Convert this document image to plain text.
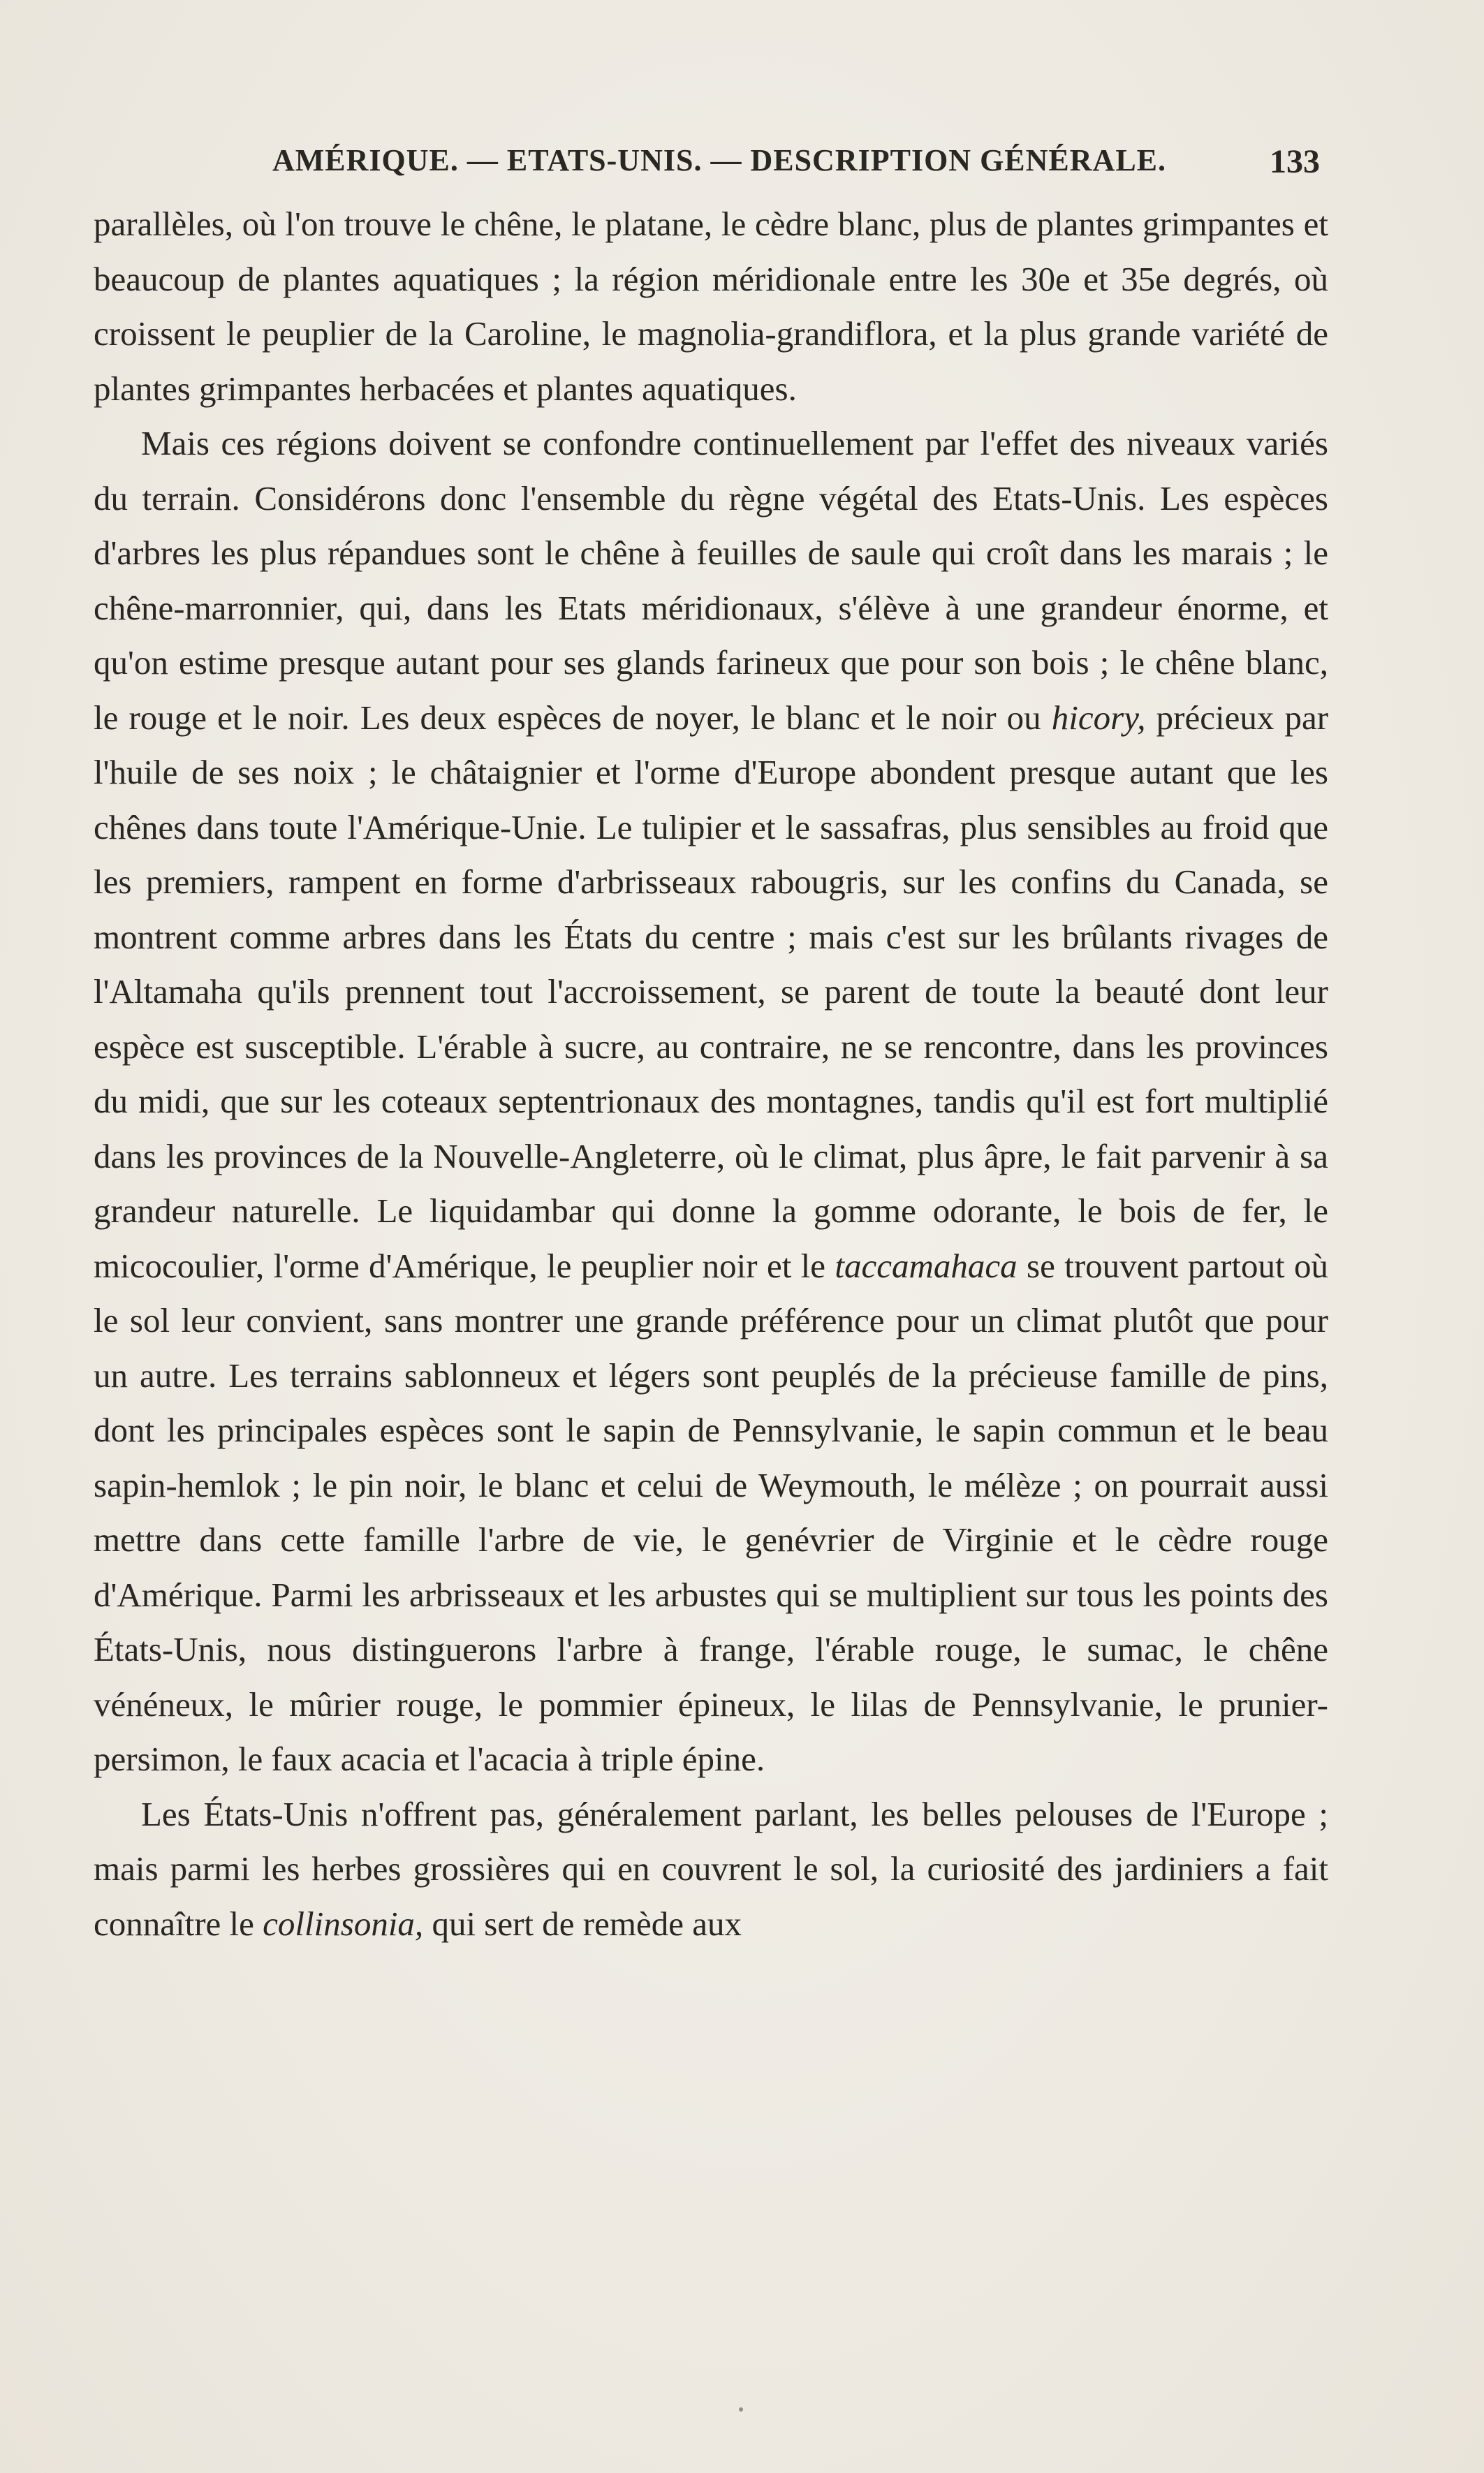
AMÉRIQUE. — ETATS-UNIS. — DESCRIPTION GÉNÉRALE.	133

parallèles, où l'on trouve le chêne, le platane, le cèdre blanc, plus de plantes grimpantes et beaucoup de plantes aquatiques ; la région méridionale entre les 30e et 35e degrés, où croissent le peuplier de la Caroline, le magnolia-grandiflora, et la plus grande variété de plantes grimpantes herbacées et plantes aquatiques.

Mais ces régions doivent se confondre continuellement par l'effet des niveaux variés du terrain. Considérons donc l'ensemble du règne végétal des Etats-Unis. Les espèces d'arbres les plus répandues sont le chêne à feuilles de saule qui croît dans les marais ; le chêne-marronnier, qui, dans les Etats méridionaux, s'élève à une grandeur énorme, et qu'on estime presque autant pour ses glands farineux que pour son bois ; le chêne blanc, le rouge et le noir. Les deux espèces de noyer, le blanc et le noir ou hicory, précieux par l'huile de ses noix ; le châtaignier et l'orme d'Europe abondent presque autant que les chênes dans toute l'Amérique-Unie. Le tulipier et le sassafras, plus sensibles au froid que les premiers, rampent en forme d'arbrisseaux rabougris, sur les confins du Canada, se montrent comme arbres dans les États du centre ; mais c'est sur les brûlants rivages de l'Altamaha qu'ils prennent tout l'accroissement, se parent de toute la beauté dont leur espèce est susceptible. L'érable à sucre, au contraire, ne se rencontre, dans les provinces du midi, que sur les coteaux septentrionaux des montagnes, tandis qu'il est fort multiplié dans les provinces de la Nouvelle-Angleterre, où le climat, plus âpre, le fait parvenir à sa grandeur naturelle. Le liquidambar qui donne la gomme odorante, le bois de fer, le micocoulier, l'orme d'Amérique, le peuplier noir et le taccamahaca se trouvent partout où le sol leur convient, sans montrer une grande préférence pour un climat plutôt que pour un autre. Les terrains sablonneux et légers sont peuplés de la précieuse famille de pins, dont les principales espèces sont le sapin de Pennsylvanie, le sapin commun et le beau sapin-hemlok ; le pin noir, le blanc et celui de Weymouth, le mélèze ; on pourrait aussi mettre dans cette famille l'arbre de vie, le genévrier de Virginie et le cèdre rouge d'Amérique. Parmi les arbrisseaux et les arbustes qui se multiplient sur tous les points des États-Unis, nous distinguerons l'arbre à frange, l'érable rouge, le sumac, le chêne vénéneux, le mûrier rouge, le pommier épineux, le lilas de Pennsylvanie, le prunier-persimon, le faux acacia et l'acacia à triple épine.

Les États-Unis n'offrent pas, généralement parlant, les belles pelouses de l'Europe ; mais parmi les herbes grossières qui en couvrent le sol, la curiosité des jardiniers a fait connaître le collinsonia, qui sert de remède aux
